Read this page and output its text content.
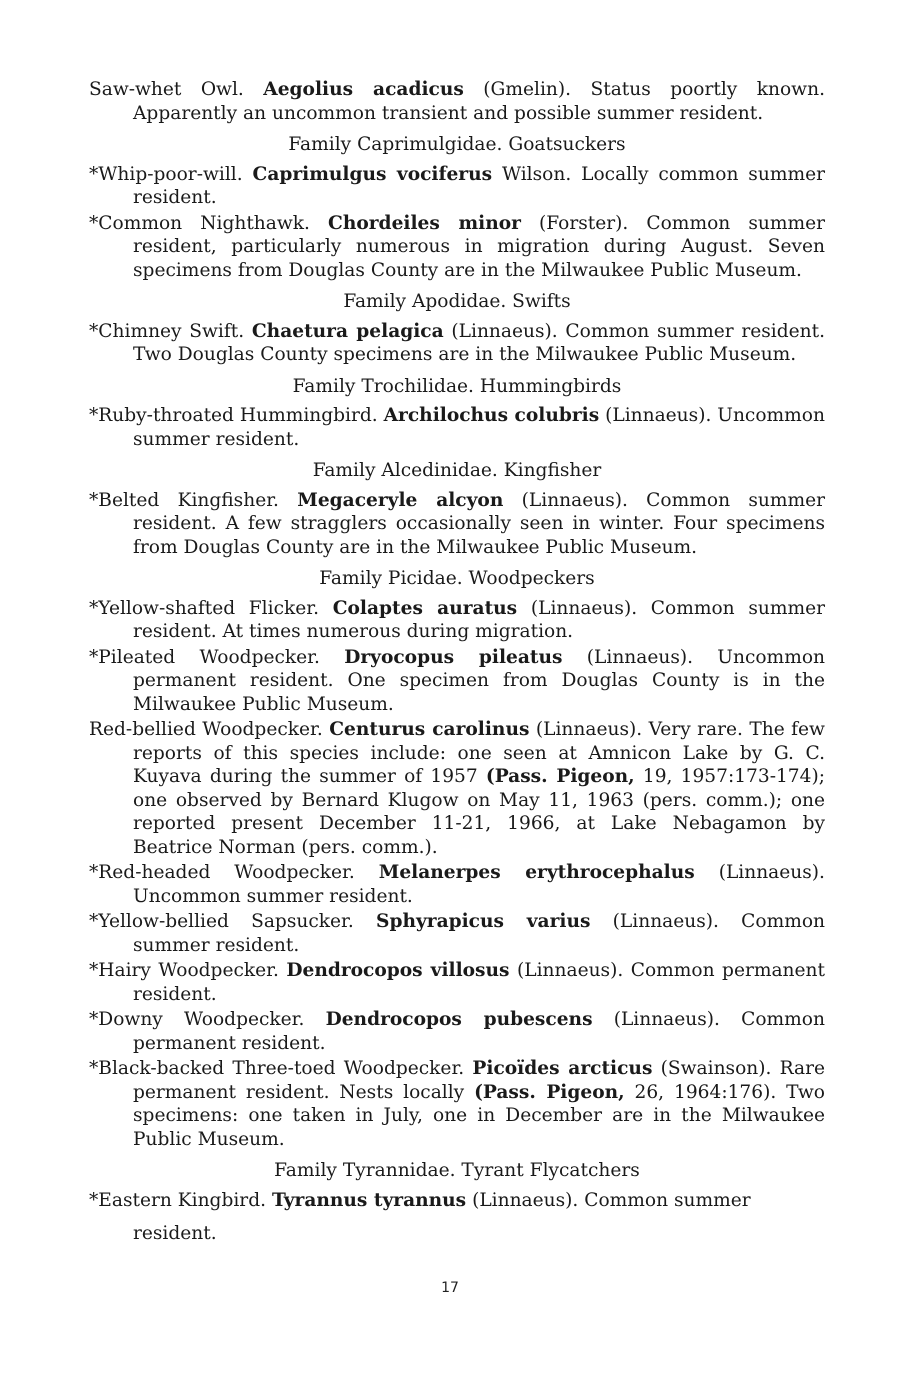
Saw-whet Owl. Aegolius acadicus (Gmelin). Status poortly known. Apparently an uncommon transient and possible summer resident.

Family Caprimulgidae. Goatsuckers

*Whip-poor-will. Caprimulgus vociferus Wilson. Locally common summer resident.

*Common Nighthawk. Chordeiles minor (Forster). Common summer resident, particularly numerous in migration during August. Seven specimens from Douglas County are in the Milwaukee Public Museum.

Family Apodidae. Swifts

*Chimney Swift. Chaetura pelagica (Linnaeus). Common summer resident. Two Douglas County specimens are in the Milwaukee Public Museum.

Family Trochilidae. Hummingbirds

*Ruby-throated Hummingbird. Archilochus colubris (Linnaeus). Uncommon summer resident.

Family Alcedinidae. Kingfisher

*Belted Kingfisher. Megaceryle alcyon (Linnaeus). Common summer resident. A few stragglers occasionally seen in winter. Four specimens from Douglas County are in the Milwaukee Public Museum.

Family Picidae. Woodpeckers

*Yellow-shafted Flicker. Colaptes auratus (Linnaeus). Common summer resident. At times numerous during migration.

*Pileated Woodpecker. Dryocopus pileatus (Linnaeus). Uncommon permanent resident. One specimen from Douglas County is in the Milwaukee Public Museum.

Red-bellied Woodpecker. Centurus carolinus (Linnaeus). Very rare. The few reports of this species include: one seen at Amnicon Lake by G. C. Kuyava during the summer of 1957 (Pass. Pigeon, 19, 1957:173-174); one observed by Bernard Klugow on May 11, 1963 (pers. comm.); one reported present December 11-21, 1966, at Lake Nebagamon by Beatrice Norman (pers. comm.).

*Red-headed Woodpecker. Melanerpes erythrocephalus (Linnaeus). Uncommon summer resident.

*Yellow-bellied Sapsucker. Sphyrapicus varius (Linnaeus). Common summer resident.

*Hairy Woodpecker. Dendrocopos villosus (Linnaeus). Common permanent resident.

*Downy Woodpecker. Dendrocopos pubescens (Linnaeus). Common permanent resident.

*Black-backed Three-toed Woodpecker. Picoïdes arcticus (Swainson). Rare permanent resident. Nests locally (Pass. Pigeon, 26, 1964:176). Two specimens: one taken in July, one in December are in the Milwaukee Public Museum.

Family Tyrannidae. Tyrant Flycatchers

*Eastern Kingbird. Tyrannus tyrannus (Linnaeus). Common summer

resident.
17
